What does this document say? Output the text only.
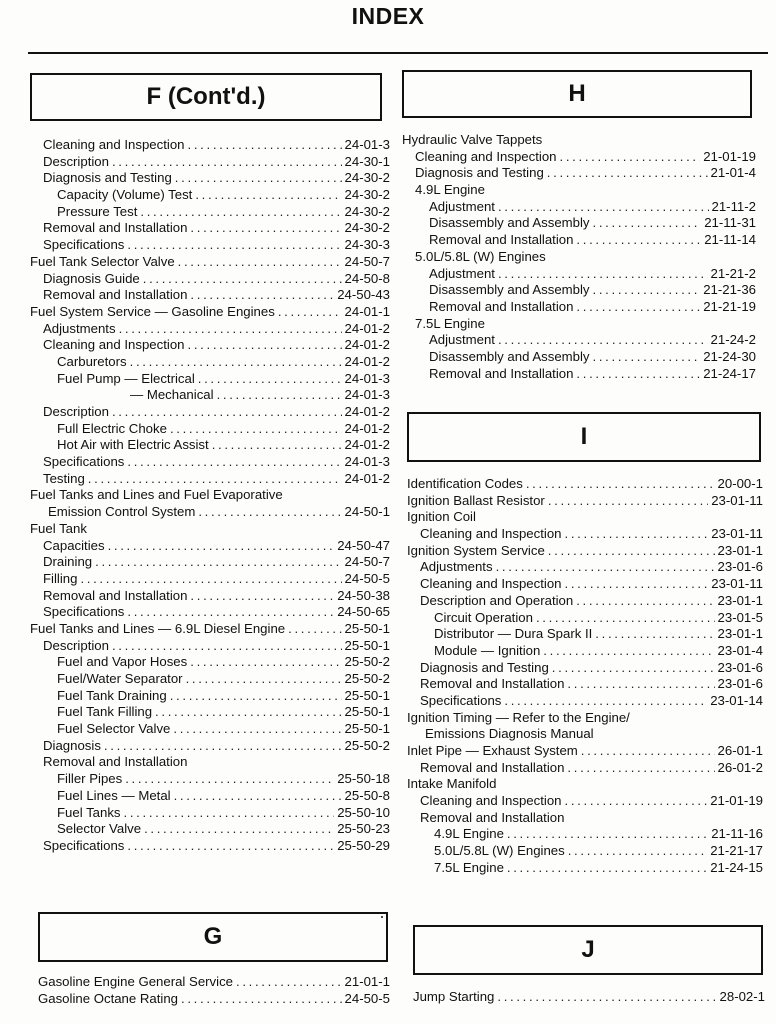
INDEX
F (Cont'd.)
Cleaning and Inspection . . .	24-01-3
Description . . .	24-30-1
Diagnosis and Testing . . .	24-30-2
Capacity (Volume) Test . . .	24-30-2
Pressure Test . . .	24-30-2
Removal and Installation . . .	24-30-2
Specifications . . .	24-30-3
Fuel Tank Selector Valve . . .	24-50-7
Diagnosis Guide . . .	24-50-8
Removal and Installation . . .	24-50-43
Fuel System Service — Gasoline Engines . . .	24-01-1
Adjustments . . .	24-01-2
Cleaning and Inspection . . .	24-01-2
Carburetors . . .	24-01-2
Fuel Pump — Electrical . . .	24-01-3
— Mechanical . . .	24-01-3
Description . . .	24-01-2
Full Electric Choke . . .	24-01-2
Hot Air with Electric Assist . . .	24-01-2
Specifications . . .	24-01-3
Testing . . .	24-01-2
Fuel Tanks and Lines and Fuel Evaporative
Emission Control System . . .	24-50-1
Fuel Tank
Capacities . . .	24-50-47
Draining . . .	24-50-7
Filling . . .	24-50-5
Removal and Installation . . .	24-50-38
Specifications . . .	24-50-65
Fuel Tanks and Lines — 6.9L Diesel Engine . . .	25-50-1
Description . . .	25-50-1
Fuel and Vapor Hoses . . .	25-50-2
Fuel/Water Separator . . .	25-50-2
Fuel Tank Draining . . .	25-50-1
Fuel Tank Filling . . .	25-50-1
Fuel Selector Valve . . .	25-50-1
Diagnosis . . .	25-50-2
Removal and Installation
Filler Pipes . . .	25-50-18
Fuel Lines — Metal . . .	25-50-8
Fuel Tanks . . .	25-50-10
Selector Valve . . .	25-50-23
Specifications . . .	25-50-29
G
Gasoline Engine General Service . . .	21-01-1
Gasoline Octane Rating . . .	24-50-5
H
Hydraulic Valve Tappets
Cleaning and Inspection . . .	21-01-19
Diagnosis and Testing . . .	21-01-4
4.9L Engine
Adjustment . . .	21-11-2
Disassembly and Assembly . . .	21-11-31
Removal and Installation . . .	21-11-14
5.0L/5.8L (W) Engines
Adjustment . . .	21-21-2
Disassembly and Assembly . . .	21-21-36
Removal and Installation . . .	21-21-19
7.5L Engine
Adjustment . . .	21-24-2
Disassembly and Assembly . . .	21-24-30
Removal and Installation . . .	21-24-17
I
Identification Codes . . .	20-00-1
Ignition Ballast Resistor . . .	23-01-11
Ignition Coil
Cleaning and Inspection . . .	23-01-11
Ignition System Service . . .	23-01-1
Adjustments . . .	23-01-6
Cleaning and Inspection . . .	23-01-11
Description and Operation . . .	23-01-1
Circuit Operation . . .	23-01-5
Distributor — Dura Spark II . . .	23-01-1
Module — Ignition . . .	23-01-4
Diagnosis and Testing . . .	23-01-6
Removal and Installation . . .	23-01-6
Specifications . . .	23-01-14
Ignition Timing — Refer to the Engine/
Emissions Diagnosis Manual
Inlet Pipe — Exhaust System . . .	26-01-1
Removal and Installation . . .	26-01-2
Intake Manifold
Cleaning and Inspection . . .	21-01-19
Removal and Installation
4.9L Engine . . .	21-11-16
5.0L/5.8L (W) Engines . . .	21-21-17
7.5L Engine . . .	21-24-15
J
Jump Starting . . .	28-02-1
